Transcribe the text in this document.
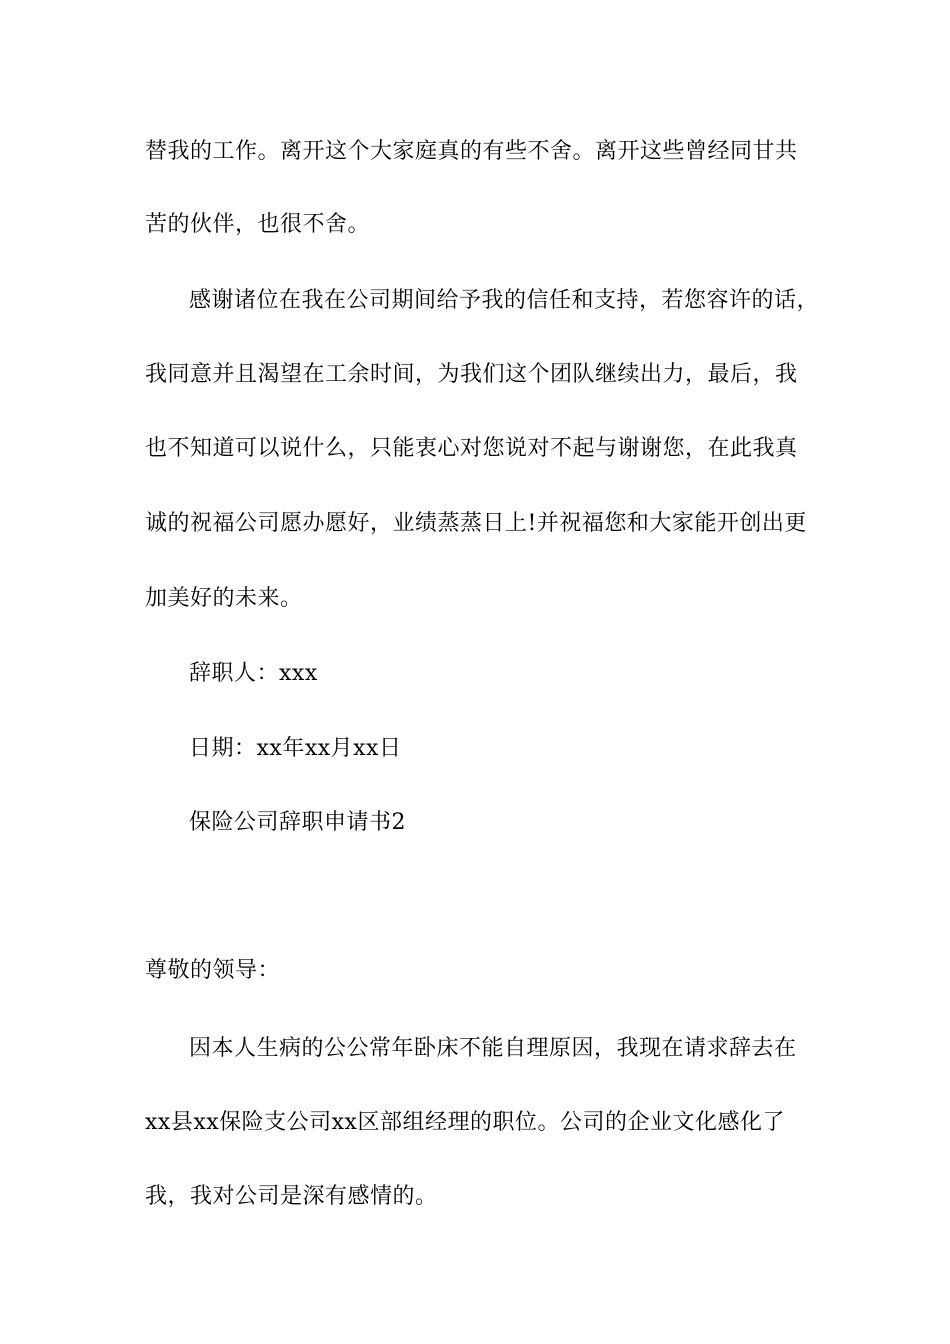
替我的工作。离开这个大家庭真的有些不舍。离开这些曾经同甘共
苦的伙伴，也很不舍。
感谢诸位在我在公司期间给予我的信任和支持，若您容许的话，
我同意并且渴望在工余时间，为我们这个团队继续出力，最后，我
也不知道可以说什么，只能衷心对您说对不起与谢谢您，在此我真
诚的祝福公司愿办愿好，业绩蒸蒸日上!并祝福您和大家能开创出更
加美好的未来。
辞职人：xxx
日期：xx年xx月xx日
保险公司辞职申请书2
尊敬的领导：
因本人生病的公公常年卧床不能自理原因，我现在请求辞去在
xx县xx保险支公司xx区部组经理的职位。公司的企业文化感化了
我，我对公司是深有感情的。
